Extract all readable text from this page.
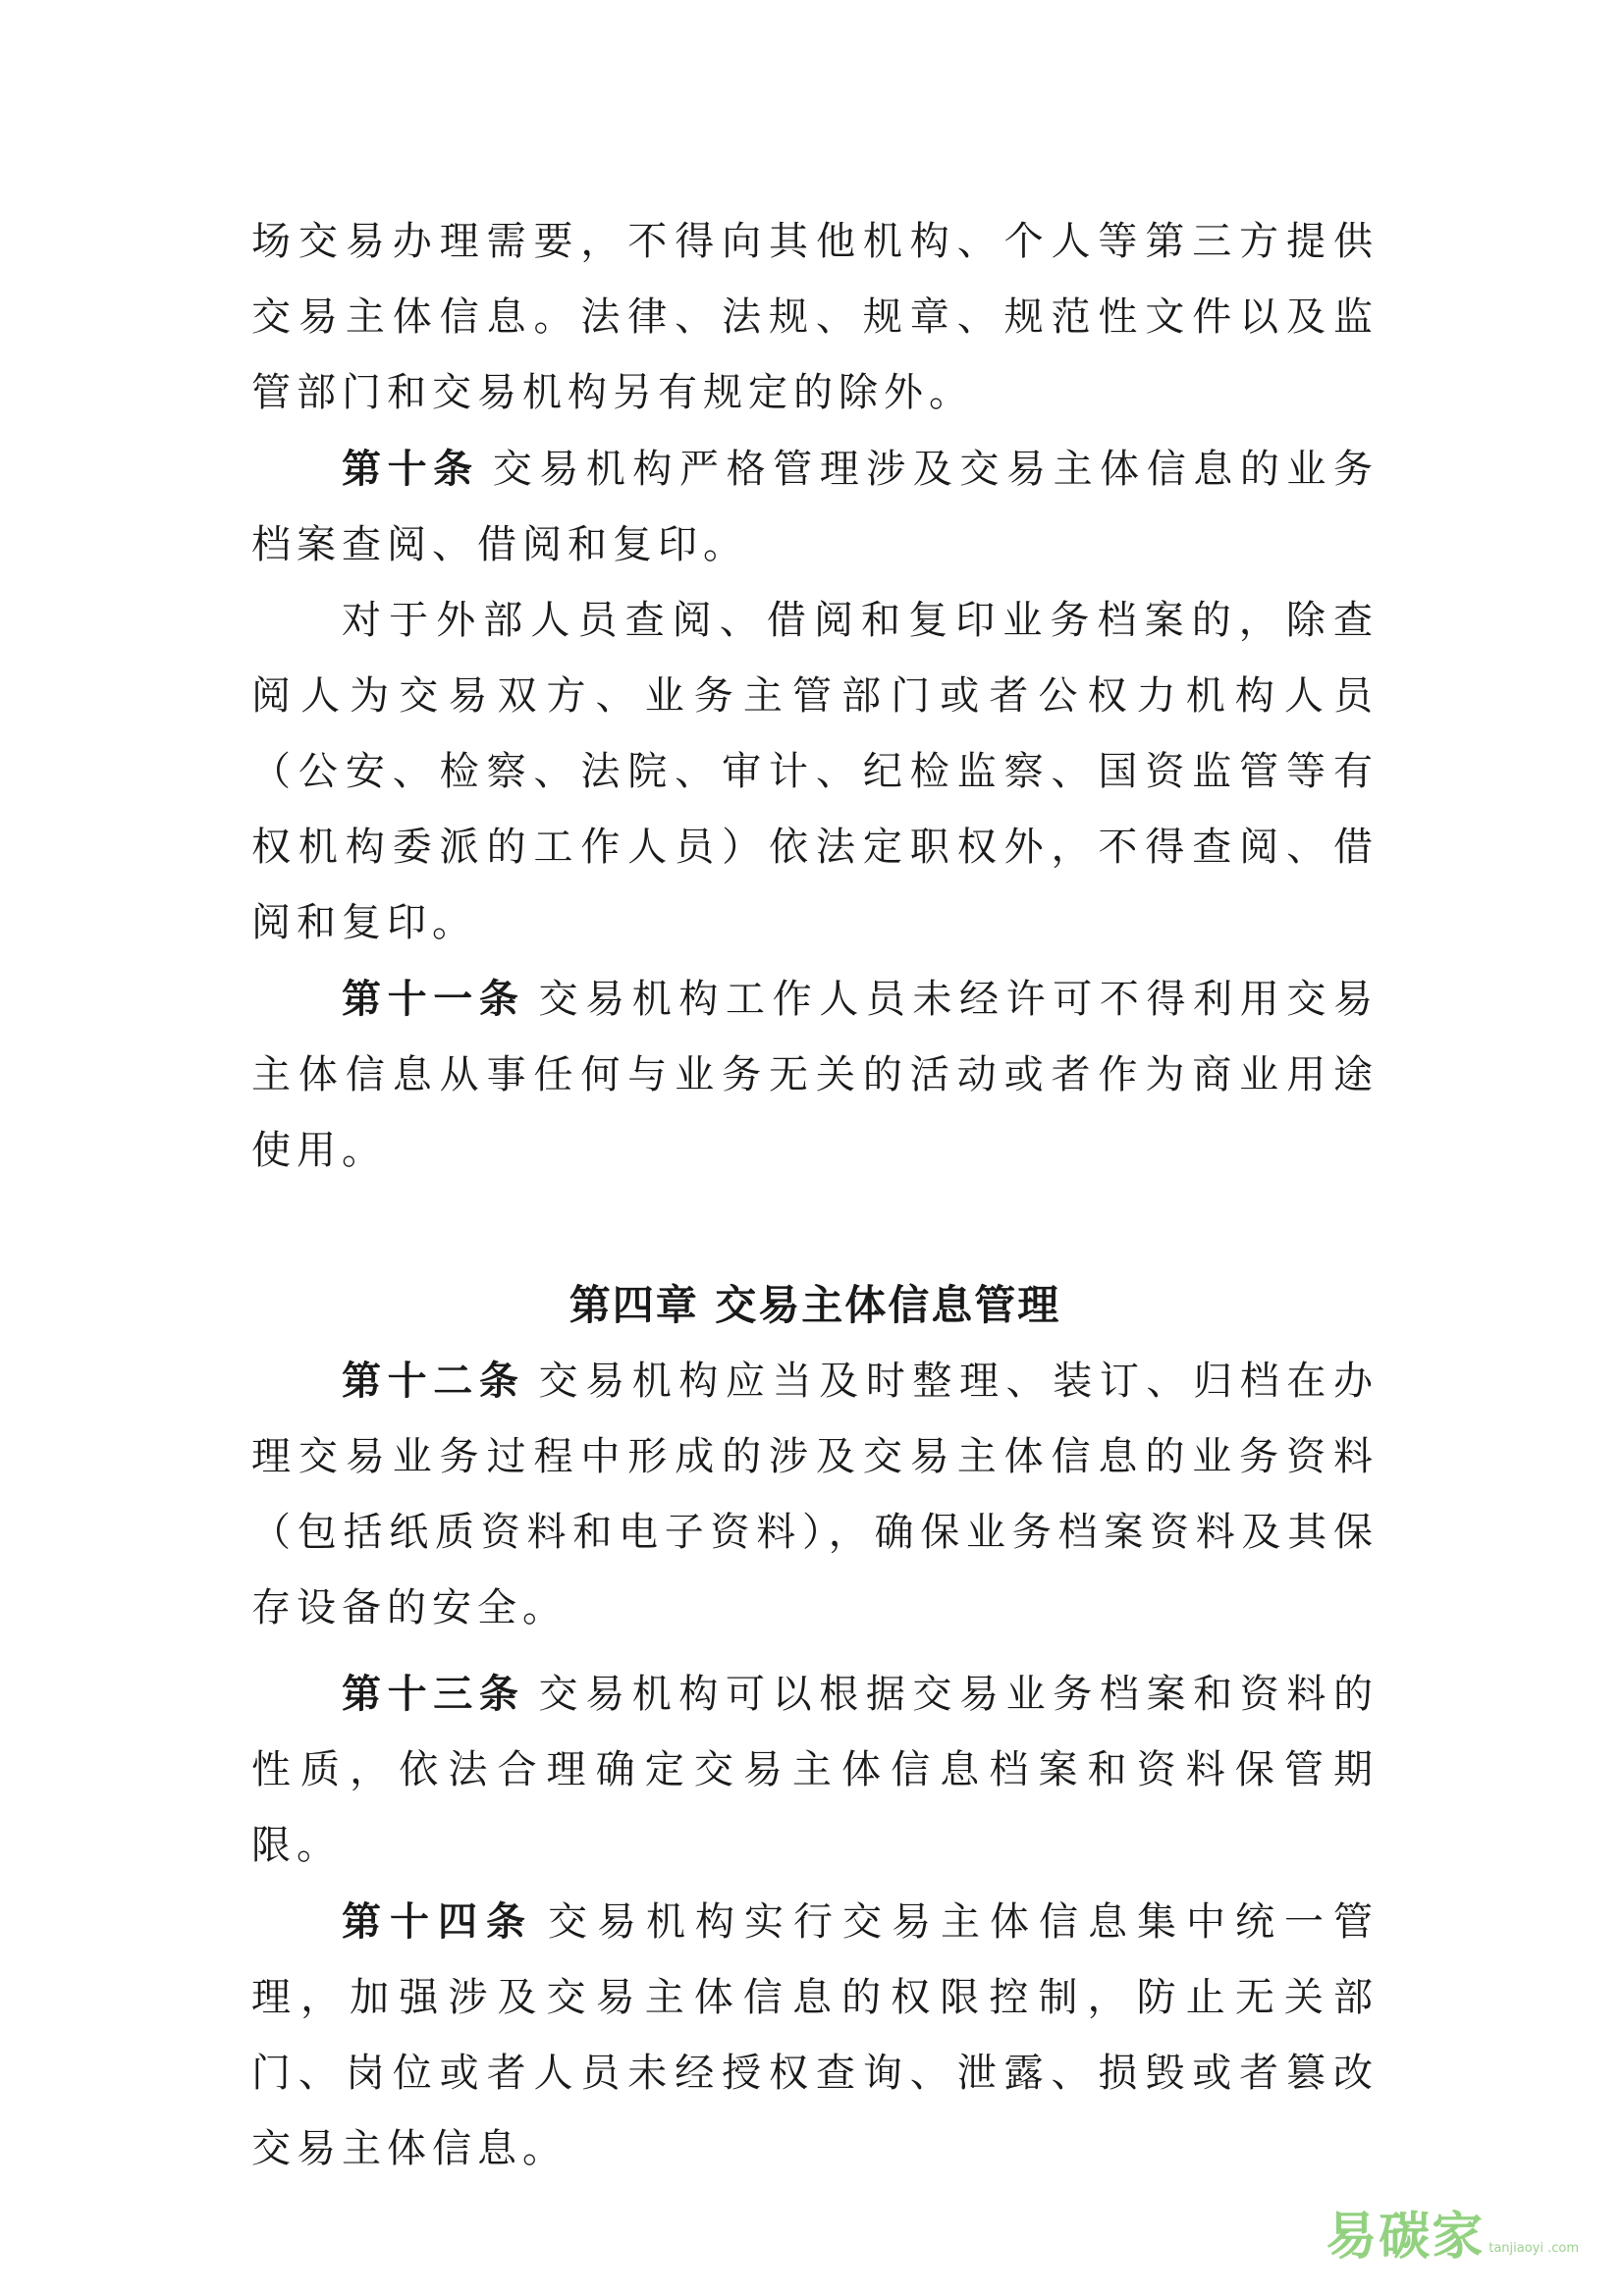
场交易办理需要，不得向其他机构、个人等第三方提供交易主体信息。法律、法规、规章、规范性文件以及监管部门和交易机构另有规定的除外。

第十条 交易机构严格管理涉及交易主体信息的业务档案查阅、借阅和复印。

对于外部人员查阅、借阅和复印业务档案的，除查阅人为交易双方、业务主管部门或者公权力机构人员（公安、检察、法院、审计、纪检监察、国资监管等有权机构委派的工作人员）依法定职权外，不得查阅、借阅和复印。

第十一条 交易机构工作人员未经许可不得利用交易主体信息从事任何与业务无关的活动或者作为商业用途使用。

第四章 交易主体信息管理

第十二条 交易机构应当及时整理、装订、归档在办理交易业务过程中形成的涉及交易主体信息的业务资料（包括纸质资料和电子资料），确保业务档案资料及其保存设备的安全。

第十三条 交易机构可以根据交易业务档案和资料的性质，依法合理确定交易主体信息档案和资料保管期限。

第十四条 交易机构实行交易主体信息集中统一管理，加强涉及交易主体信息的权限控制，防止无关部门、岗位或者人员未经授权查询、泄露、损毁或者篡改交易主体信息。

易碳家 tanjiaoyi .com
